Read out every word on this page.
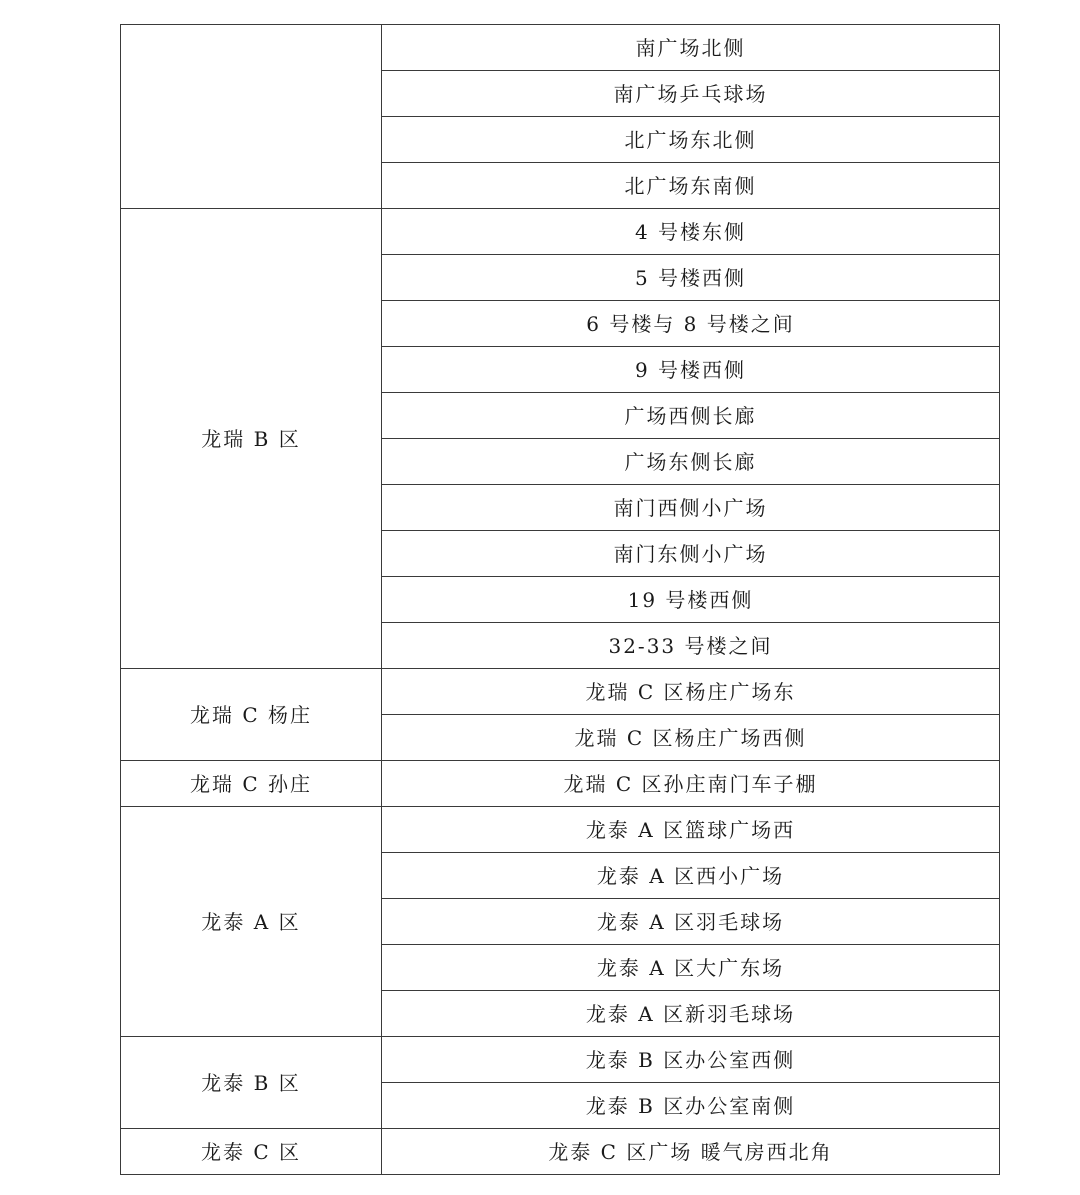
	南广场北侧
	南广场乒乓球场
	北广场东北侧
	北广场东南侧
龙瑞 B 区	4 号楼东侧
	5 号楼西侧
	6 号楼与 8 号楼之间
	9 号楼西侧
	广场西侧长廊
	广场东侧长廊
	南门西侧小广场
	南门东侧小广场
	19 号楼西侧
	32-33 号楼之间
龙瑞 C 杨庄	龙瑞 C 区杨庄广场东
	龙瑞 C 区杨庄广场西侧
龙瑞 C 孙庄	龙瑞 C 区孙庄南门车子棚
龙泰 A 区	龙泰 A 区篮球广场西
	龙泰 A 区西小广场
	龙泰 A 区羽毛球场
	龙泰 A 区大广东场
	龙泰 A 区新羽毛球场
龙泰 B 区	龙泰 B 区办公室西侧
	龙泰 B 区办公室南侧
龙泰 C 区	龙泰 C 区广场 暖气房西北角
